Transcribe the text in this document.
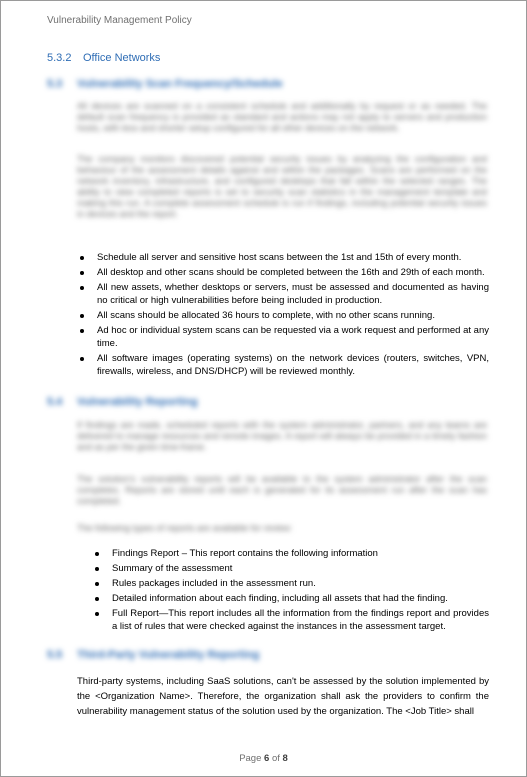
Vulnerability Management Policy
5.3.2 Office Networks
5.3 Vulnerability Scan Frequency/Schedule
All devices are scanned on a consistent schedule and additionally by request or as needed. The default scan frequency is provided as standard and actions may not apply to servers and production hosts, with less and shorter setup configured for all other devices on the network.
The company monitors discovered potential security issues by analyzing the configuration and behaviour of the assessment details against and within the packages. Scans are performed on the network inventory, infrastructure, and configured desktops that fall within the selected ranges. The ability to view completed reports is set to security scan statistics in the management template and making this run. A complete assessment schedule is run if findings, including potential security issues in devices and the report.
Schedule all server and sensitive host scans between the 1st and 15th of every month.
All desktop and other scans should be completed between the 16th and 29th of each month.
All new assets, whether desktops or servers, must be assessed and documented as having no critical or high vulnerabilities before being included in production.
All scans should be allocated 36 hours to complete, with no other scans running.
Ad hoc or individual system scans can be requested via a work request and performed at any time.
All software images (operating systems) on the network devices (routers, switches, VPN, firewalls, wireless, and DNS/DHCP) will be reviewed monthly.
5.4 Vulnerability Reporting
If findings are made, scheduled reports with the system administrator, partners, and any teams are delivered to manage resources and remote images. A report will always be provided in a timely fashion and as per the given time-frame.
The solution's vulnerability reports will be available to the system administrator after the scan completes. Reports are stored until each is generated for its assessment run after the scan has completed.
The following types of reports are available for review:
Findings Report – This report contains the following information
Summary of the assessment
Rules packages included in the assessment run.
Detailed information about each finding, including all assets that had the finding.
Full Report—This report includes all the information from the findings report and provides a list of rules that were checked against the instances in the assessment target.
5.5 Third-Party Vulnerability Reporting
Third-party systems, including SaaS solutions, can't be assessed by the solution implemented by the <Organization Name>. Therefore, the organization shall ask the providers to confirm the vulnerability management status of the solution used by the organization. The <Job Title> shall
Page 6 of 8
